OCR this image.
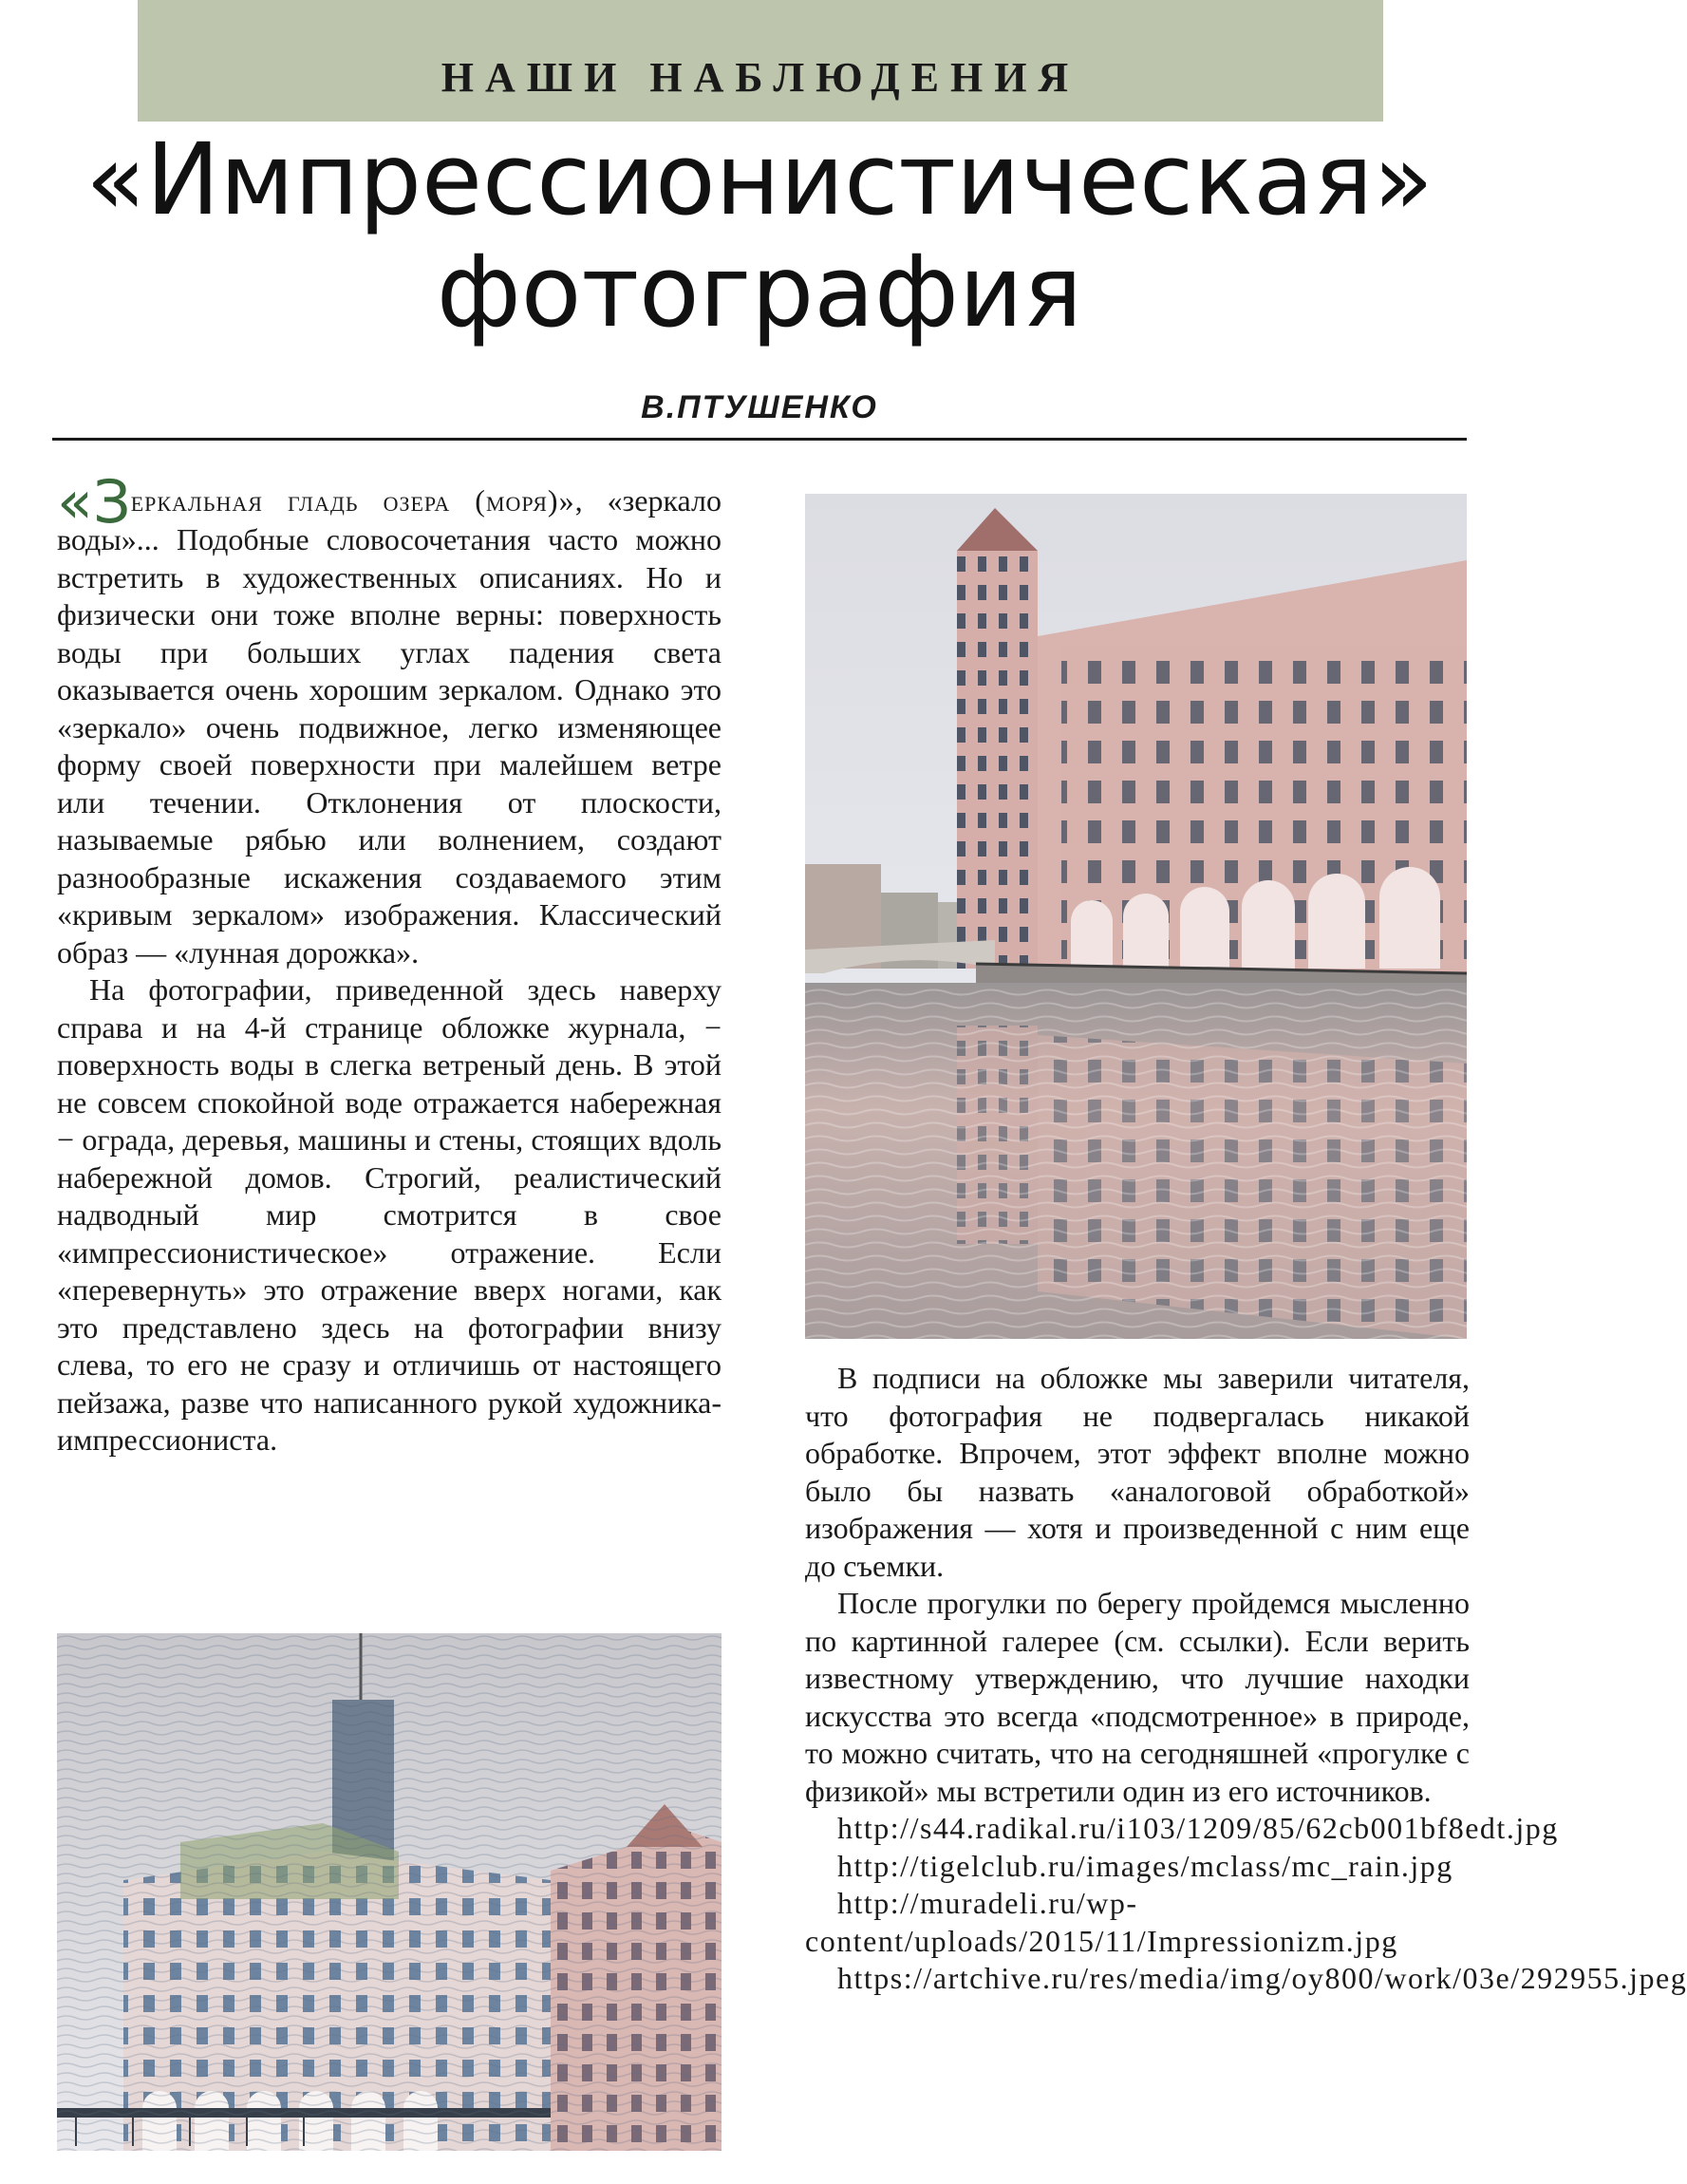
НАШИ НАБЛЮДЕНИЯ
«Импрессионистическая»
фотография
В.ПТУШЕНКО

«Зеркальная гладь озера (моря)», «зеркало воды»... Подобные словосочетания часто можно встретить в художественных описаниях. Но и физически они тоже вполне верны: поверхность воды при больших углах падения света оказывается очень хорошим зеркалом. Однако это «зеркало» очень подвижное, легко изменяющее форму своей поверхности при малейшем ветре или течении. Отклонения от плоскости, называемые рябью или волнением, создают разнообразные искажения создаваемого этим «кривым зеркалом» изображения. Классический образ — «лунная дорожка».

На фотографии, приведенной здесь наверху справа и на 4-й странице обложке журнала, − поверхность воды в слегка ветреный день. В этой не совсем спокойной воде отражается набережная − ограда, деревья, машины и стены, стоящих вдоль набережной домов. Строгий, реалистический надводный мир смотрится в свое «импрессионистическое» отражение. Если «перевернуть» это отражение вверх ногами, как это представлено здесь на фотографии внизу слева, то его не сразу и отличишь от настоящего пейзажа, разве что написанного рукой художника-импрессиониста.

В подписи на обложке мы заверили читателя, что фотография не подвергалась никакой обработке. Впрочем, этот эффект вполне можно было бы назвать «аналоговой обработкой» изображения — хотя и произведенной с ним еще до съемки.

После прогулки по берегу пройдемся мысленно по картинной галерее (см. ссылки). Если верить известному утверждению, что лучшие находки искусства это всегда «подсмотренное» в природе, то можно считать, что на сегодняшней «прогулке с физикой» мы встретили один из его источников.

http://s44.radikal.ru/i103/1209/85/62cb001bf8edt.jpg

http://tigelclub.ru/images/mclass/mc_rain.jpg

http://muradeli.ru/wp-content/uploads/2015/11/Impressionizm.jpg

https://artchive.ru/res/media/img/oy800/work/03e/292955.jpeg
